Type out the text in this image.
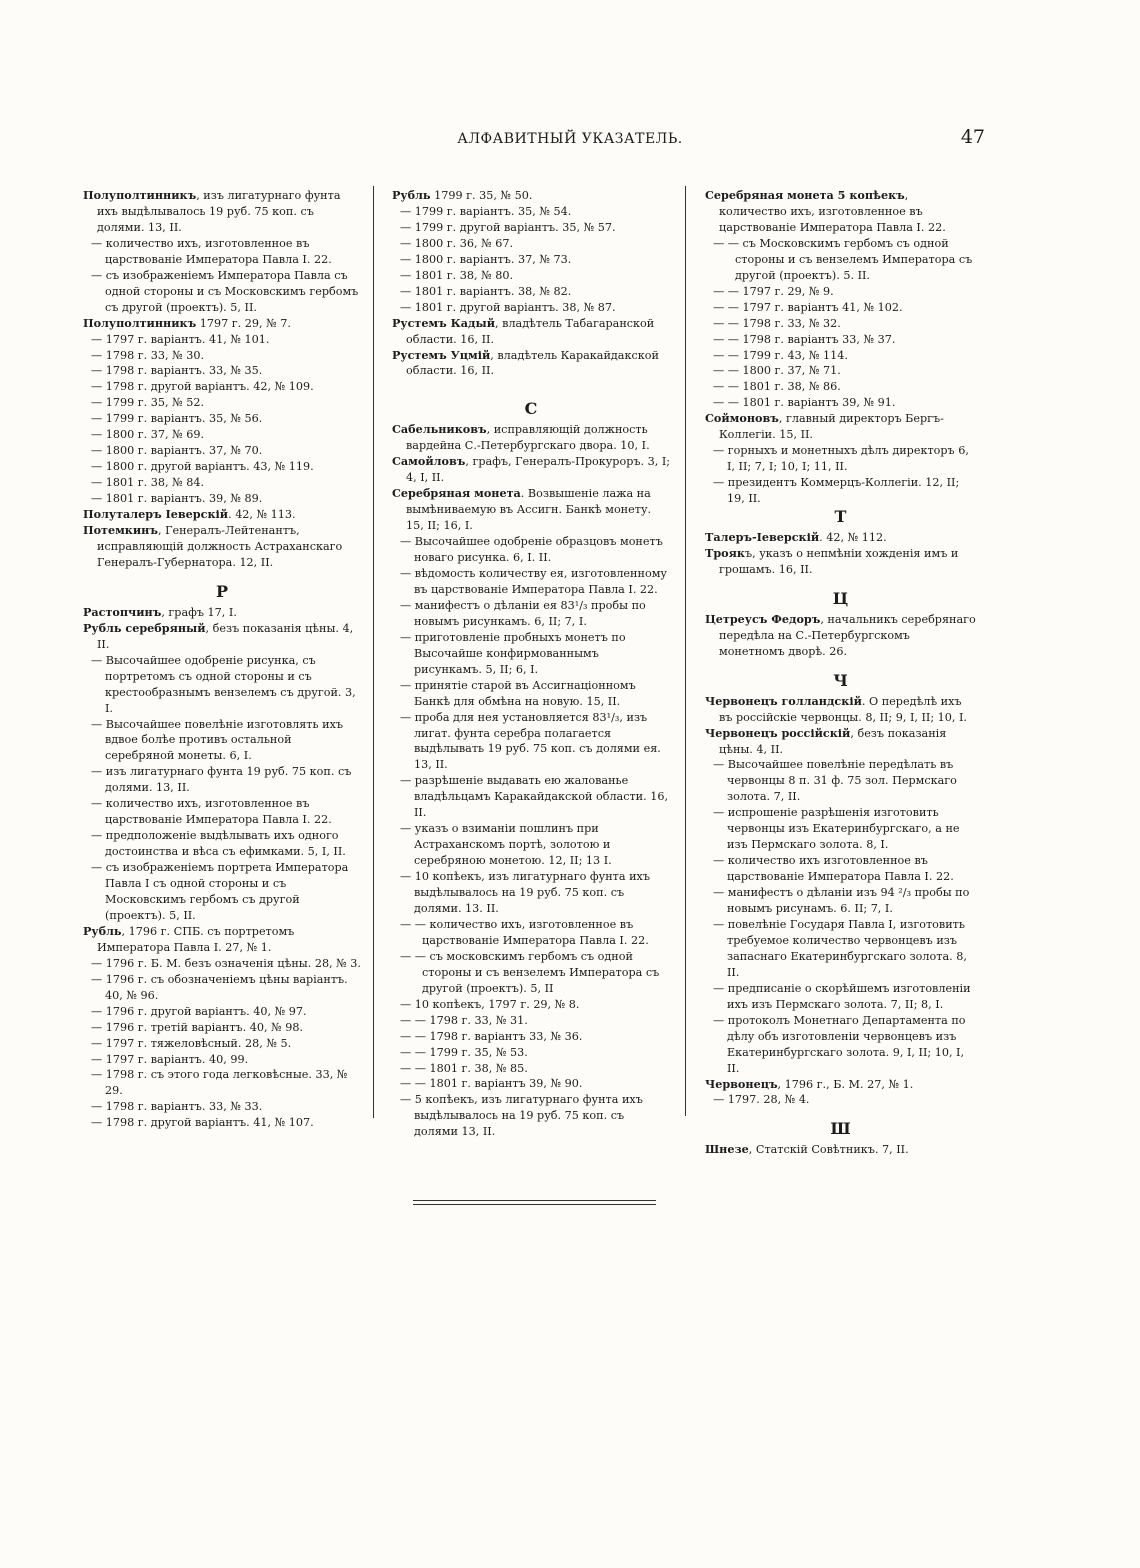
АЛФАВИТНЫЙ УКАЗАТЕЛЬ.	47
Полуполтинникъ, изъ лигатурнаго фунта ихъ выдѣлывалось 19 руб. 75 коп. съ долями. 13, II.
— количество ихъ, изготовленное въ царствованіе Императора Павла I. 22.
— съ изображеніемъ Императора Павла съ одной стороны и съ Московскимъ гербомъ съ другой (проектъ). 5, II.
Полуполтинникъ 1797 г. 29, № 7.
— 1797 г. варіантъ. 41, № 101.
— 1798 г. 33, № 30.
— 1798 г. варіантъ. 33, № 35.
— 1798 г. другой варіантъ. 42, № 109.
— 1799 г. 35, № 52.
— 1799 г. варіантъ. 35, № 56.
— 1800 г. 37, № 69.
— 1800 г. варіантъ. 37, № 70.
— 1800 г. другой варіантъ. 43, № 119.
— 1801 г. 38, № 84.
— 1801 г. варіантъ. 39, № 89.
Полуталеръ Іеверскій. 42, № 113.
Потемкинъ, Генералъ-Лейтенантъ, исправляющій должность Астраханскаго Генералъ-Губернатора. 12, II.
Р
Растопчинъ, графъ 17, I.
Рубль серебряный, безъ показанія цѣны. 4, II.
— Высочайшее одобреніе рисунка, съ портретомъ съ одной стороны и съ крестообразнымъ вензелемъ съ другой. 3, I.
— Высочайшее повелѣніе изготовлять ихъ вдвое болѣе противъ остальной серебряной монеты. 6, I.
— изъ лигатурнаго фунта 19 руб. 75 коп. съ долями. 13, II.
— количество ихъ, изготовленное въ царствованіе Императора Павла I. 22.
— предположеніе выдѣлывать ихъ одного достоинства и вѣса съ ефимками. 5, I, II.
— съ изображеніемъ портрета Императора Павла I съ одной стороны и съ Московскимъ гербомъ съ другой (проектъ). 5, II.
Рубль, 1796 г. СПБ. съ портретомъ Императора Павла I. 27, № 1.
— 1796 г. Б. М. безъ означенія цѣны. 28, № 3.
— 1796 г. съ обозначеніемъ цѣны варіантъ. 40, № 96.
— 1796 г. другой варіантъ. 40, № 97.
— 1796 г. третій варіантъ. 40, № 98.
— 1797 г. тяжеловѣсный. 28, № 5.
— 1797 г. варіантъ. 40, 99.
— 1798 г. съ этого года легковѣсные. 33, № 29.
— 1798 г. варіантъ. 33, № 33.
— 1798 г. другой варіантъ. 41, № 107.
Рубль 1799 г. 35, № 50.
— 1799 г. варіантъ. 35, № 54.
— 1799 г. другой варіантъ. 35, № 57.
— 1800 г. 36, № 67.
— 1800 г. варіантъ. 37, № 73.
— 1801 г. 38, № 80.
— 1801 г. варіантъ. 38, № 82.
— 1801 г. другой варіантъ. 38, № 87.
Рустемъ Кадый, владѣтель Табагаранской области. 16, II.
Рустемъ Уцмій, владѣтель Каракайдакской области. 16, II.
С
Сабельниковъ, исправляющій должность вардейна С.-Петербургскаго двора. 10, I.
Самойловъ, графъ, Генералъ-Прокуроръ. 3, I; 4, I, II.
Серебряная монета. Возвышеніе лажа на вымѣниваемую въ Ассигн. Банкѣ монету. 15, II; 16, I.
— Высочайшее одобреніе образцовъ монетъ новаго рисунка. 6, I. II.
— вѣдомость количеству ея, изготовленному въ царствованіе Императора Павла I. 22.
— манифестъ о дѣланіи ея 83¹/₃ пробы по новымъ рисункамъ. 6, II; 7, I.
— приготовленіе пробныхъ монетъ по Высочайше конфирмованнымъ рисункамъ. 5, II; 6, I.
— принятіе старой въ Ассигнаціонномъ Банкѣ для обмѣна на новую. 15, II.
— проба для нея установляется 83¹/₃, изъ лигат. фунта серебра полагается выдѣлывать 19 руб. 75 коп. съ долями ея. 13, II.
— разрѣшеніе выдавать ею жалованье владѣльцамъ Каракайдакской области. 16, II.
— указъ о взиманіи пошлинъ при Астраханскомъ портѣ, золотою и серебряною монетою. 12, II; 13 I.
— 10 копѣекъ, изъ лигатурнаго фунта ихъ выдѣлывалось на 19 руб. 75 коп. съ долями. 13. II.
— — количество ихъ, изготовленное въ царствованіе Императора Павла I. 22.
— — съ московскимъ гербомъ съ одной стороны и съ вензелемъ Императора съ другой (проектъ). 5, II
— 10 копѣекъ, 1797 г. 29, № 8.
— — 1798 г. 33, № 31.
— — 1798 г. варіантъ 33, № 36.
— — 1799 г. 35, № 53.
— — 1801 г. 38, № 85.
— — 1801 г. варіантъ 39, № 90.
— 5 копѣекъ, изъ лигатурнаго фунта ихъ выдѣлывалось на 19 руб. 75 коп. съ долями 13, II.
Серебряная монета 5 копѣекъ, количество ихъ, изготовленное въ царствованіе Императора Павла I. 22.
— — съ Московскимъ гербомъ съ одной стороны и съ вензелемъ Императора съ другой (проектъ). 5. II.
— — 1797 г. 29, № 9.
— — 1797 г. варіантъ 41, № 102.
— — 1798 г. 33, № 32.
— — 1798 г. варіантъ 33, № 37.
— — 1799 г. 43, № 114.
— — 1800 г. 37, № 71.
— — 1801 г. 38, № 86.
— — 1801 г. варіантъ 39, № 91.
Соймоновъ, главный директоръ Бергъ-Коллегіи. 15, II.
— горныхъ и монетныхъ дѣлъ директоръ 6, I, II; 7, I; 10, I; 11, II.
— президентъ Коммерцъ-Коллегіи. 12, II; 19, II.
Т
Талеръ-Іеверскій. 42, № 112.
Троякъ, указъ о непмѣніи хожденія имъ и грошамъ. 16, II.
Ц
Цетреусъ Федоръ, начальникъ серебрянаго передѣла на С.-Петербургскомъ монетномъ дворѣ. 26.
Ч
Червонецъ голландскій. О передѣлѣ ихъ въ россійскіе червонцы. 8, II; 9, I, II; 10, I.
Червонецъ россійскій, безъ показанія цѣны. 4, II.
— Высочайшее повелѣніе передѣлать въ червонцы 8 п. 31 ф. 75 зол. Пермскаго золота. 7, II.
— испрошеніе разрѣшенія изготовить червонцы изъ Екатеринбургскаго, а не изъ Пермскаго золота. 8, I.
— количество ихъ изготовленное въ царствованіе Императора Павла I. 22.
— манифестъ о дѣланіи изъ 94 ²/₃ пробы по новымъ рисунамъ. 6. II; 7, I.
— повелѣніе Государя Павла I, изготовить требуемое количество червонцевъ изъ запаснаго Екатеринбургскаго золота. 8, II.
— предписаніе о скорѣйшемъ изготовленіи ихъ изъ Пермскаго золота. 7, II; 8, I.
— протоколъ Монетнаго Департамента по дѣлу объ изготовленіи червонцевъ изъ Екатеринбургскаго золота. 9, I, II; 10, I, II.
Червонецъ, 1796 г., Б. М. 27, № 1.
— 1797. 28, № 4.
Ш
Шнезе, Статскій Совѣтникъ. 7, II.
